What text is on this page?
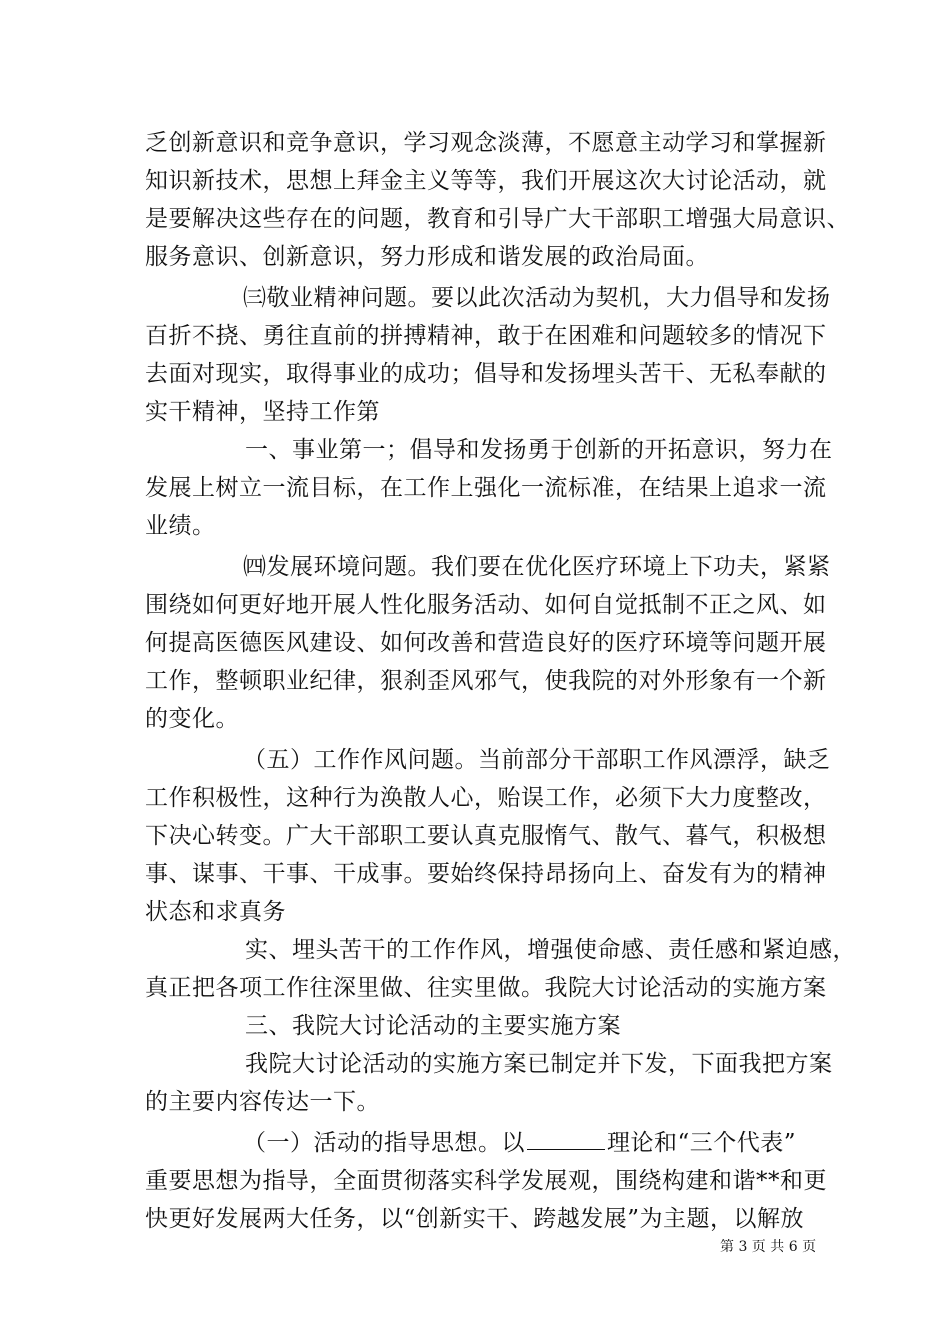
乏创新意识和竞争意识，学习观念淡薄，不愿意主动学习和掌握新
知识新技术，思想上拜金主义等等，我们开展这次大讨论活动，就
是要解决这些存在的问题，教育和引导广大干部职工增强大局意识、
服务意识、创新意识，努力形成和谐发展的政治局面。
㈢敬业精神问题。要以此次活动为契机，大力倡导和发扬
百折不挠、勇往直前的拼搏精神，敢于在困难和问题较多的情况下
去面对现实，取得事业的成功；倡导和发扬埋头苦干、无私奉献的
实干精神，坚持工作第
一、事业第一；倡导和发扬勇于创新的开拓意识，努力在
发展上树立一流目标，在工作上强化一流标准，在结果上追求一流
业绩。
㈣发展环境问题。我们要在优化医疗环境上下功夫，紧紧
围绕如何更好地开展人性化服务活动、如何自觉抵制不正之风、如
何提高医德医风建设、如何改善和营造良好的医疗环境等问题开展
工作，整顿职业纪律，狠刹歪风邪气，使我院的对外形象有一个新
的变化。
（五）工作作风问题。当前部分干部职工作风漂浮，缺乏
工作积极性，这种行为涣散人心，贻误工作，必须下大力度整改，
下决心转变。广大干部职工要认真克服惰气、散气、暮气，积极想
事、谋事、干事、干成事。要始终保持昂扬向上、奋发有为的精神
状态和求真务
实、埋头苦干的工作作风，增强使命感、责任感和紧迫感，
真正把各项工作往深里做、往实里做。我院大讨论活动的实施方案
三、我院大讨论活动的主要实施方案
我院大讨论活动的实施方案已制定并下发，下面我把方案
的主要内容传达一下。
（一）活动的指导思想。以	理论和“三个代表”
重要思想为指导，全面贯彻落实科学发展观，围绕构建和谐**和更
快更好发展两大任务，以“创新实干、跨越发展”为主题，以解放
第 3 页 共 6 页
